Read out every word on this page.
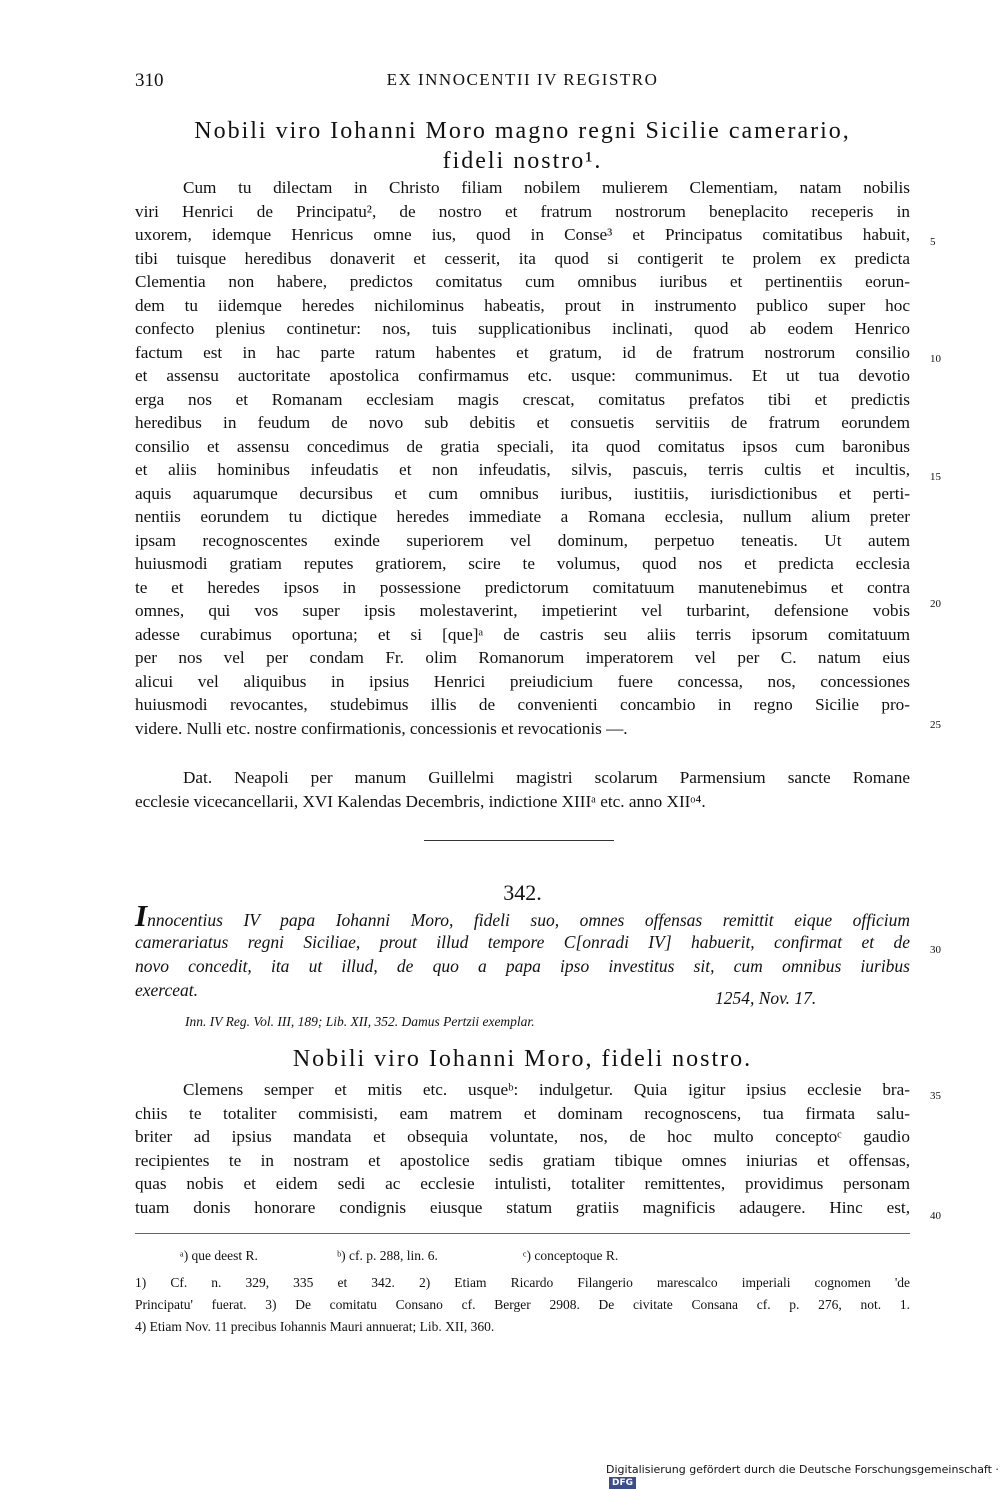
310	EX INNOCENTII IV REGISTRO
Nobili viro Iohanni Moro magno regni Sicilie camerario,
fideli nostro¹.
Cum tu dilectam in Christo filiam nobilem mulierem Clementiam, natam nobilis
viri Henrici de Principatu², de nostro et fratrum nostrorum beneplacito receperis in
uxorem, idemque Henricus omne ius, quod in Conse³ et Principatus comitatibus habuit,
tibi tuisque heredibus donaverit et cesserit, ita quod si contigerit te prolem ex predicta
Clementia non habere, predictos comitatus cum omnibus iuribus et pertinentiis eorun-
dem tu iidemque heredes nichilominus habeatis, prout in instrumento publico super hoc
confecto plenius continetur: nos, tuis supplicationibus inclinati, quod ab eodem Henrico
factum est in hac parte ratum habentes et gratum, id de fratrum nostrorum consilio
et assensu auctoritate apostolica confirmamus etc. usque: communimus. Et ut tua devotio
erga nos et Romanam ecclesiam magis crescat, comitatus prefatos tibi et predictis
heredibus in feudum de novo sub debitis et consuetis servitiis de fratrum eorundem
consilio et assensu concedimus de gratia speciali, ita quod comitatus ipsos cum baronibus
et aliis hominibus infeudatis et non infeudatis, silvis, pascuis, terris cultis et incultis,
aquis aquarumque decursibus et cum omnibus iuribus, iustitiis, iurisdictionibus et perti-
nentiis eorundem tu dictique heredes immediate a Romana ecclesia, nullum alium preter
ipsam recognoscentes exinde superiorem vel dominum, perpetuo teneatis. Ut autem
huiusmodi gratiam reputes gratiorem, scire te volumus, quod nos et predicta ecclesia
te et heredes ipsos in possessione predictorum comitatuum manutenebimus et contra
omnes, qui vos super ipsis molestaverint, impetierint vel turbarint, defensione vobis
adesse curabimus oportuna; et si [que]ᵃ de castris seu aliis terris ipsorum comitatuum
per nos vel per condam Fr. olim Romanorum imperatorem vel per C. natum eius
alicui vel aliquibus in ipsius Henrici preiudicium fuere concessa, nos, concessiones
huiusmodi revocantes, studebimus illis de convenienti concambio in regno Sicilie pro-
videre. Nulli etc. nostre confirmationis, concessionis et revocationis —.
5
10
15
20
25
Dat. Neapoli per manum Guillelmi magistri scolarum Parmensium sancte Romane
ecclesie vicecancellarii, XVI Kalendas Decembris, indictione XIIIᵃ etc. anno XIIᵒ⁴.
342.
Innocentius IV papa Iohanni Moro, fideli suo, omnes offensas remittit eique officium
camerariatus regni Siciliae, prout illud tempore C[onradi IV] habuerit, confirmat et de
novo concedit, ita ut illud, de quo a papa ipso investitus sit, cum omnibus iuribus
exerceat.	1254, Nov. 17.
Inn. IV Reg. Vol. III, 189; Lib. XII, 352. Damus Pertzii exemplar.
30
35
40
Nobili viro Iohanni Moro, fideli nostro.
Clemens semper et mitis etc. usqueᵇ: indulgetur. Quia igitur ipsius ecclesie bra-
chiis te totaliter commisisti, eam matrem et dominam recognoscens, tua firmata salu-
briter ad ipsius mandata et obsequia voluntate, nos, de hoc multo conceptoᶜ gaudio
recipientes te in nostram et apostolice sedis gratiam tibique omnes iniurias et offensas,
quas nobis et eidem sedi ac ecclesie intulisti, totaliter remittentes, providimus personam
tuam donis honorare condignis eiusque statum gratiis magnificis adaugere. Hinc est,
ᵃ) que deest R.	ᵇ) cf. p. 288, lin. 6.	ᶜ) conceptoque R.
1) Cf. n. 329, 335 et 342. 2) Etiam Ricardo Filangerio marescalco imperiali cognomen 'de
Principatu' fuerat. 3) De comitatu Consano cf. Berger 2908. De civitate Consana cf. p. 276, not. 1.
4) Etiam Nov. 11 precibus Iohannis Mauri annuerat; Lib. XII, 360.
Digitalisierung gefördert durch die Deutsche Forschungsgemeinschaft ·DFG
